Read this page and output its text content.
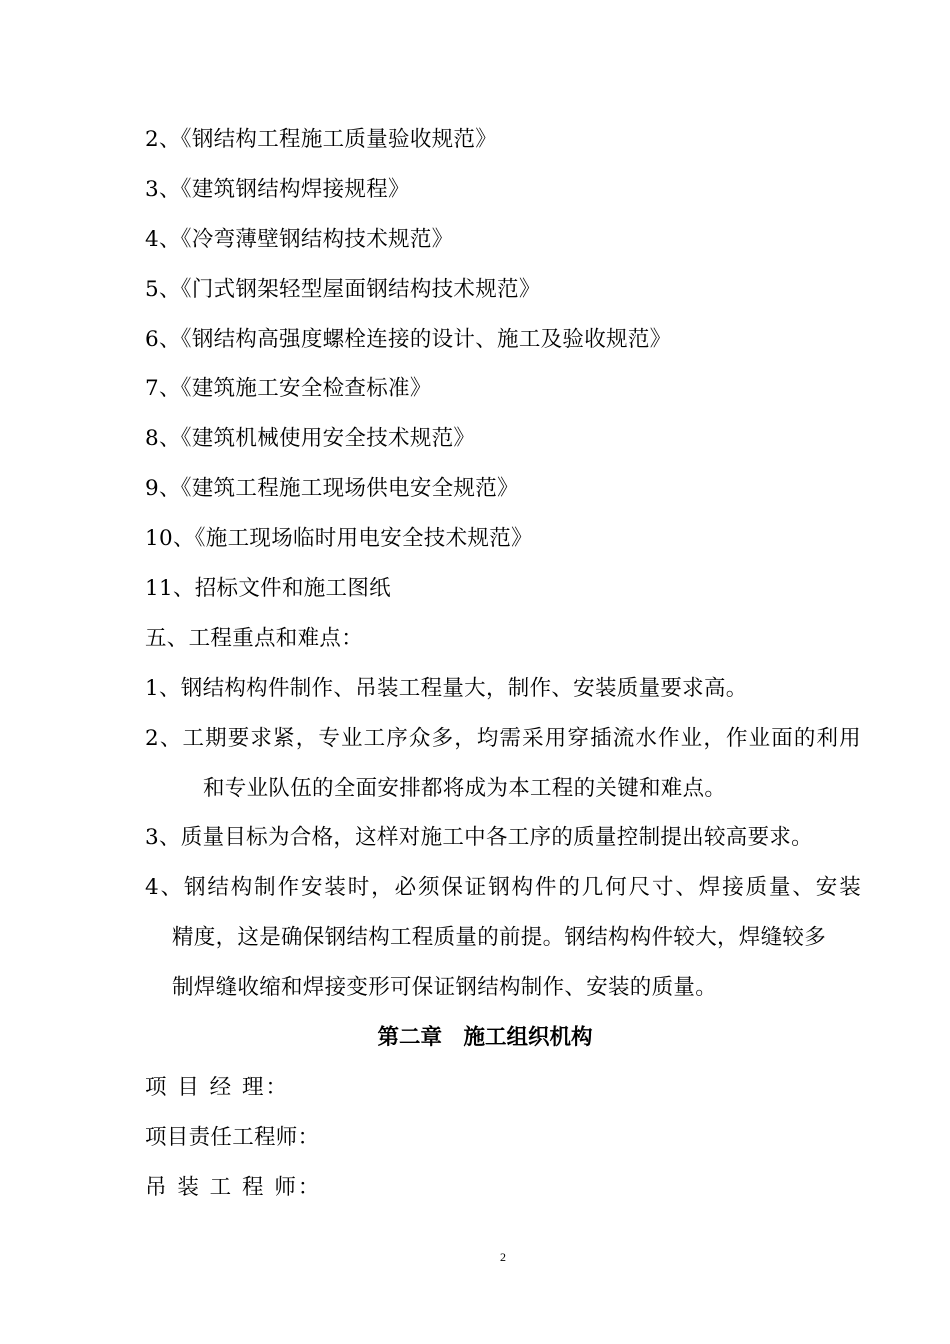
2、《钢结构工程施工质量验收规范》
3、《建筑钢结构焊接规程》
4、《冷弯薄壁钢结构技术规范》
5、《门式钢架轻型屋面钢结构技术规范》
6、《钢结构高强度螺栓连接的设计、施工及验收规范》
7、《建筑施工安全检查标准》
8、《建筑机械使用安全技术规范》
9、《建筑工程施工现场供电安全规范》
10、《施工现场临时用电安全技术规范》
11、招标文件和施工图纸
五、工程重点和难点：
1、钢结构构件制作、吊装工程量大，制作、安装质量要求高。
2、工期要求紧，专业工序众多，均需采用穿插流水作业，作业面的利用
和专业队伍的全面安排都将成为本工程的关键和难点。
3、质量目标为合格，这样对施工中各工序的质量控制提出较高要求。
4、钢结构制作安装时，必须保证钢构件的几何尺寸、焊接质量、安装
精度，这是确保钢结构工程质量的前提。钢结构构件较大，焊缝较多
制焊缝收缩和焊接变形可保证钢结构制作、安装的质量。
第二章　施工组织机构
项 目 经 理：
项目责任工程师：
吊 装 工 程 师：
2
